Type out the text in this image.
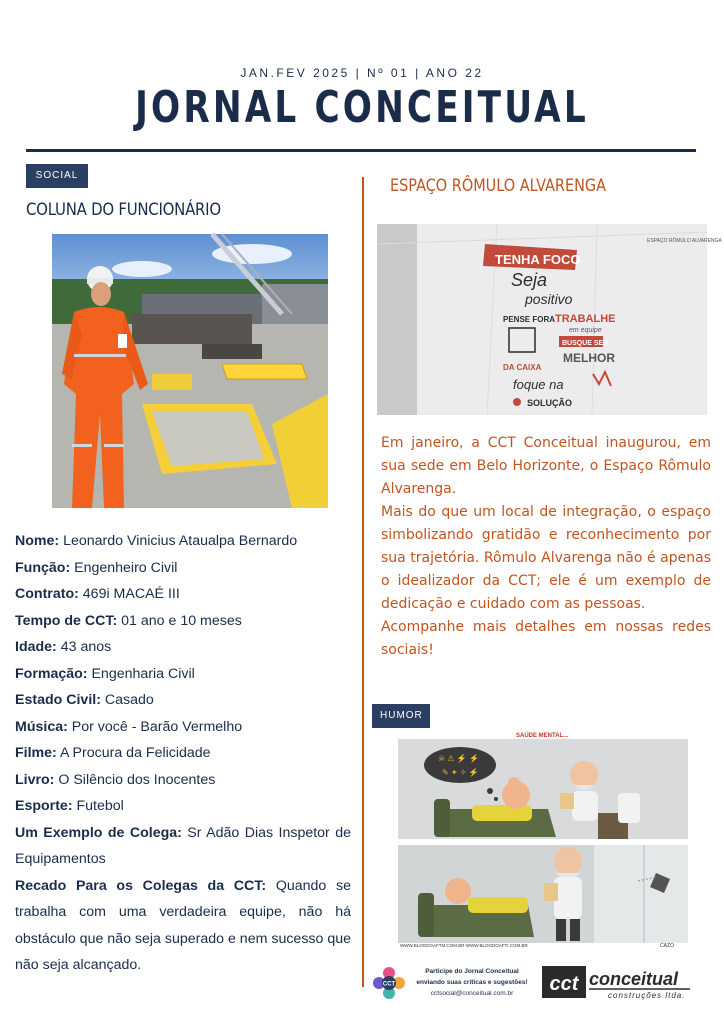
JAN.FEV 2025 | Nº 01 | ANO 22
JORNAL CONCEITUAL
SOCIAL
COLUNA DO FUNCIONÁRIO
Nome: Leonardo Vinicius Ataualpa Bernardo
Função: Engenheiro Civil
Contrato: 469i MACAÉ III
Tempo de CCT: 01 ano e 10 meses
Idade: 43 anos
Formação: Engenharia Civil
Estado Civil: Casado
Música: Por você - Barão Vermelho
Filme: A Procura da Felicidade
Livro: O Silêncio dos Inocentes
Esporte: Futebol
Um Exemplo de Colega: Sr Adão Dias Inspetor de Equipamentos
Recado Para os Colegas da CCT: Quando se trabalha com uma verdadeira equipe, não há obstáculo que não seja superado e nem sucesso que não seja alcançado.
ESPAÇO RÔMULO ALVARENGA
TENHA FOCO
Seja
positivo
PENSE FORA TRABALHE
em equipe
BUSQUE SER
MELHOR
DA CAIXA
foque na
SOLUÇÃO
ESPAÇO RÔMULO ALVARENGA

Em janeiro, a CCT Conceitual inaugurou, em sua sede em Belo Horizonte, o Espaço Rômulo Alvarenga.

Mais do que um local de integração, o espaço simbolizando gratidão e reconhecimento por sua trajetória. Rômulo Alvarenga não é apenas o idealizador da CCT; ele é um exemplo de dedicação e cuidado com as pessoas.

Acompanhe mais detalhes em nossas redes sociais!

HUMOR
SAÚDE MENTAL...
☠ ⚠ ⚡ ⚡
✎ ✦ ✧ ⚡
WWW.BLOGDOAFTM.COM.BR WWW.BLOGDOAFTI.COM.BR	CAZO
CCT
Participe do Jornal Conceitual
enviando suas críticas e sugestões!
cctsocial@conceitual.com.br	cct conceitual
construções ltda.
